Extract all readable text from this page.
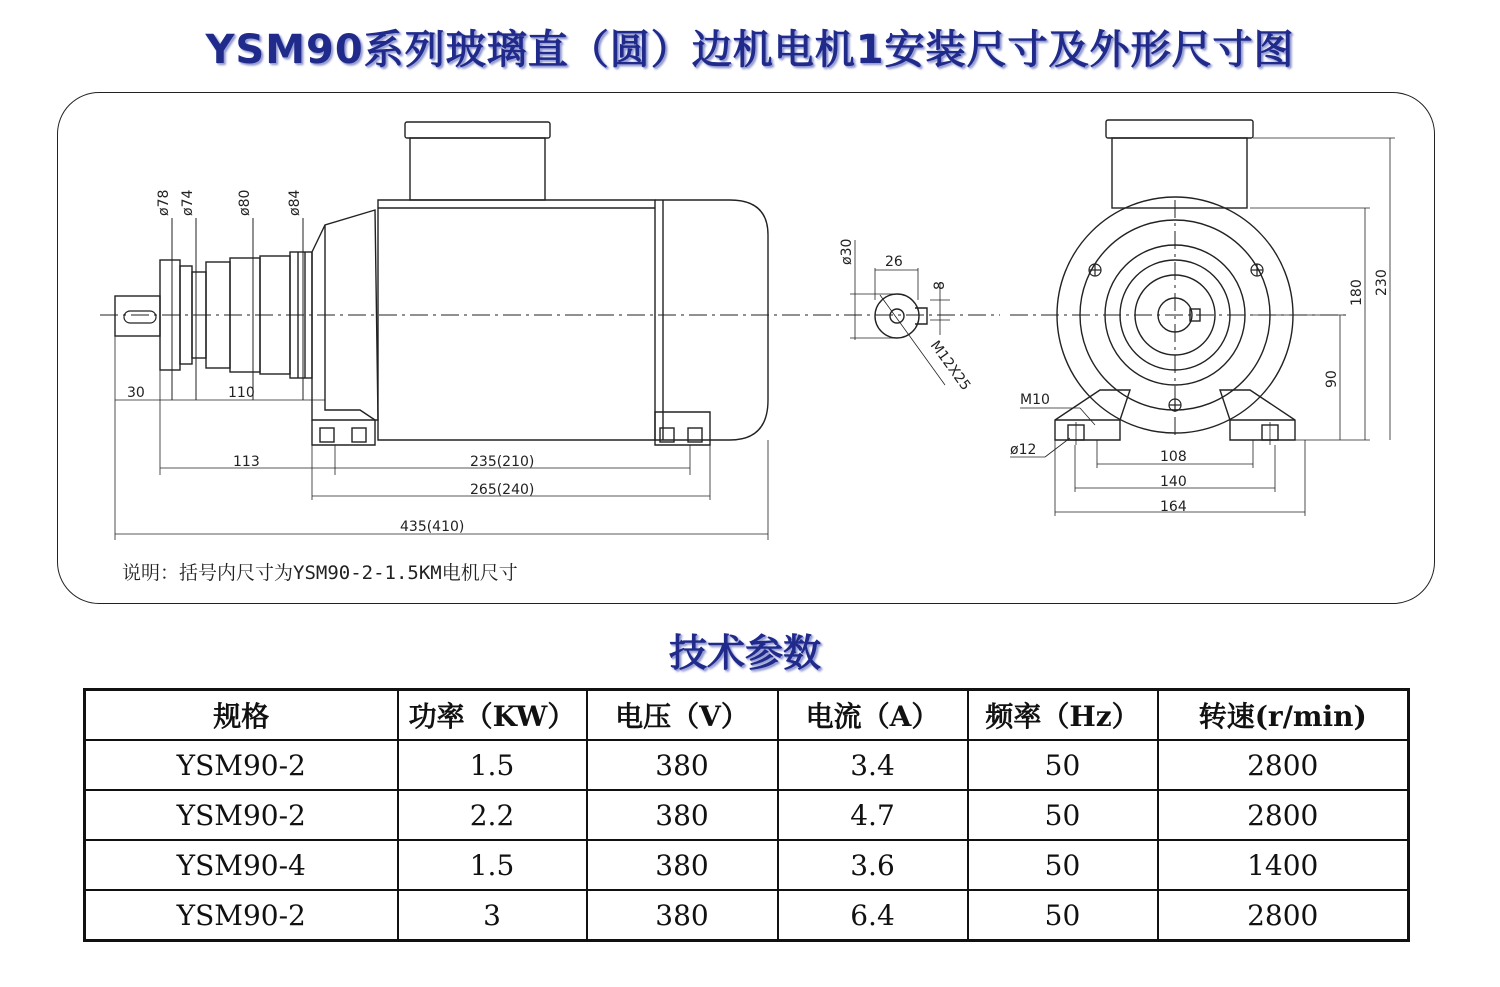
YSM90系列玻璃直（圆）边机电机1安装尺寸及外形尺寸图
ø78 ø74	ø80 ø84
30	110
113	235(210)
265(240)
435(410)
ø30 26
8
M12X25
M10
ø12	108
140
164
90
180 230
说明：括号内尺寸为YSM90-2-1.5KM电机尺寸
技术参数
规格	功率（KW）	电压（V）	电流（A）	频率（Hz）	转速(r/min)
YSM90-2	1.5	380	3.4	50	2800
YSM90-2	2.2	380	4.7	50	2800
YSM90-4	1.5	380	3.6	50	1400
YSM90-2	3	380	6.4	50	2800
